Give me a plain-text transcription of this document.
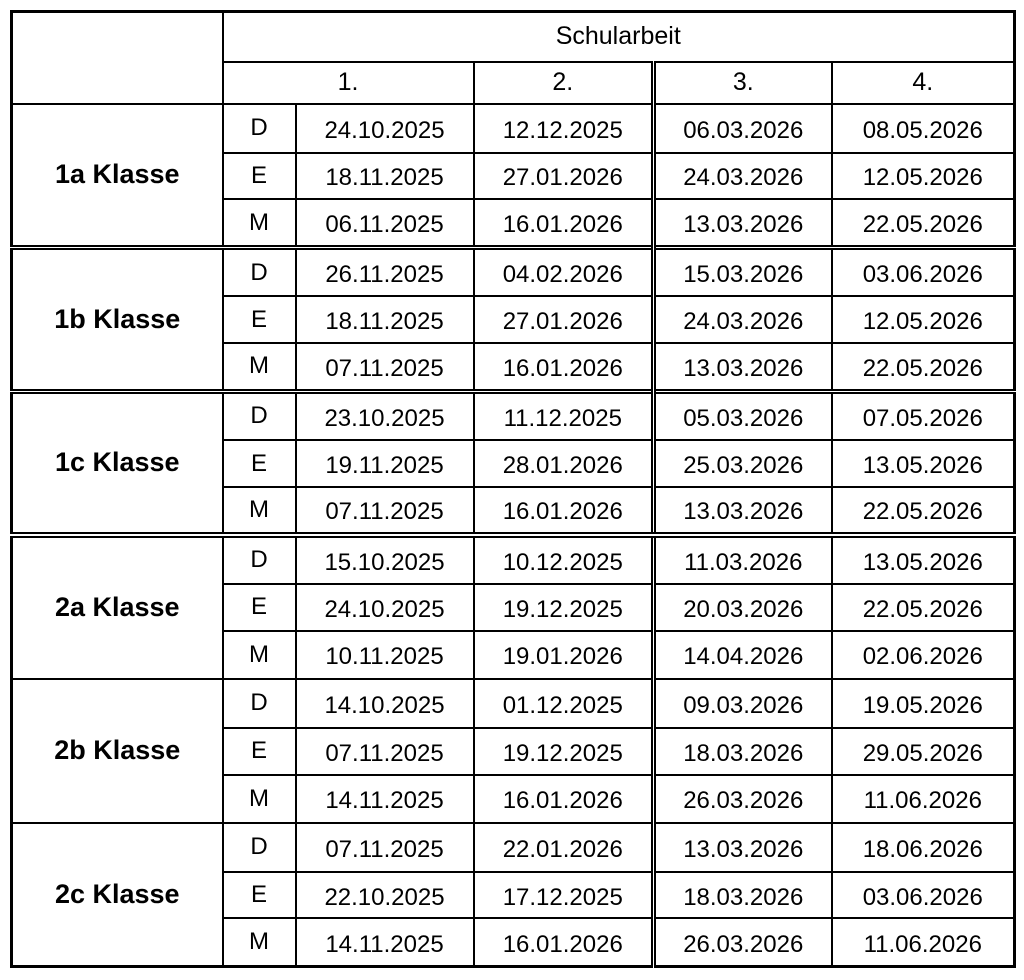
	Schularbeit				
	1.		2.	3.	4.
1a Klasse	D	24.10.2025	12.12.2025	06.03.2026	08.05.2026
	E	18.11.2025	27.01.2026	24.03.2026	12.05.2026
	M	06.11.2025	16.01.2026	13.03.2026	22.05.2026
1b Klasse	D	26.11.2025	04.02.2026	15.03.2026	03.06.2026
	E	18.11.2025	27.01.2026	24.03.2026	12.05.2026
	M	07.11.2025	16.01.2026	13.03.2026	22.05.2026
1c Klasse	D	23.10.2025	11.12.2025	05.03.2026	07.05.2026
	E	19.11.2025	28.01.2026	25.03.2026	13.05.2026
	M	07.11.2025	16.01.2026	13.03.2026	22.05.2026
2a Klasse	D	15.10.2025	10.12.2025	11.03.2026	13.05.2026
	E	24.10.2025	19.12.2025	20.03.2026	22.05.2026
	M	10.11.2025	19.01.2026	14.04.2026	02.06.2026
2b Klasse	D	14.10.2025	01.12.2025	09.03.2026	19.05.2026
	E	07.11.2025	19.12.2025	18.03.2026	29.05.2026
	M	14.11.2025	16.01.2026	26.03.2026	11.06.2026
2c Klasse	D	07.11.2025	22.01.2026	13.03.2026	18.06.2026
	E	22.10.2025	17.12.2025	18.03.2026	03.06.2026
	M	14.11.2025	16.01.2026	26.03.2026	11.06.2026
